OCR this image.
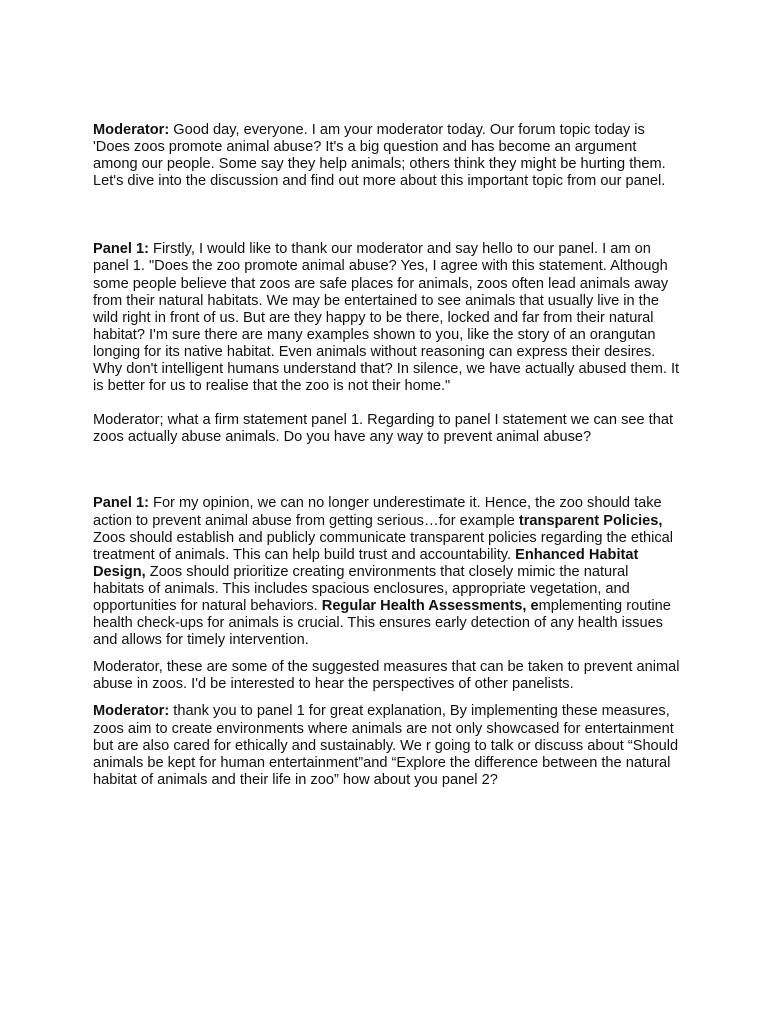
Moderator: Good day, everyone. I am your moderator today. Our forum topic today is 'Does zoos promote animal abuse? It's a big question and has become an argument among our people. Some say they help animals; others think they might be hurting them. Let's dive into the discussion and find out more about this important topic from our panel.

Panel 1: Firstly, I would like to thank our moderator and say hello to our panel. I am on panel 1. "Does the zoo promote animal abuse? Yes, I agree with this statement. Although some people believe that zoos are safe places for animals, zoos often lead animals away from their natural habitats. We may be entertained to see animals that usually live in the wild right in front of us. But are they happy to be there, locked and far from their natural habitat? I'm sure there are many examples shown to you, like the story of an orangutan longing for its native habitat. Even animals without reasoning can express their desires. Why don't intelligent humans understand that? In silence, we have actually abused them. It is better for us to realise that the zoo is not their home."

Moderator; what a firm statement panel 1. Regarding to panel I statement we can see that zoos actually abuse animals. Do you have any way to prevent animal abuse?

Panel 1: For my opinion, we can no longer underestimate it. Hence, the zoo should take action to prevent animal abuse from getting serious…for example transparent Policies, Zoos should establish and publicly communicate transparent policies regarding the ethical treatment of animals. This can help build trust and accountability. Enhanced Habitat Design, Zoos should prioritize creating environments that closely mimic the natural habitats of animals. This includes spacious enclosures, appropriate vegetation, and opportunities for natural behaviors. Regular Health Assessments, emplementing routine health check-ups for animals is crucial. This ensures early detection of any health issues and allows for timely intervention.

Moderator, these are some of the suggested measures that can be taken to prevent animal abuse in zoos. I'd be interested to hear the perspectives of other panelists.

Moderator: thank you to panel 1 for great explanation, By implementing these measures, zoos aim to create environments where animals are not only showcased for entertainment but are also cared for ethically and sustainably. We r going to talk or discuss about “Should animals be kept for human entertainment”and “Explore the difference between the natural habitat of animals and their life in zoo” how about you panel 2?
